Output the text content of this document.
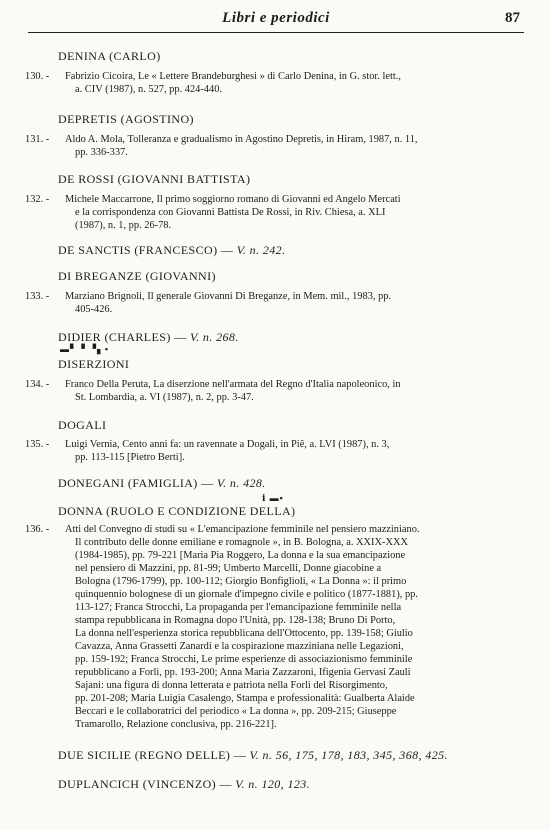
Libri e periodici	87
DENINA (CARLO)
130. - Fabrizio Cicoira, Le « Lettere Brandeburghesi » di Carlo Denina, in G. stor. lett.,
a. CIV (1987), n. 527, pp. 424-440.
DEPRETIS (AGOSTINO)
131. - Aldo A. Mola, Tolleranza e gradualismo in Agostino Depretis, in Hiram, 1987, n. 11,
pp. 336-337.
DE ROSSI (GIOVANNI BATTISTA)
132. - Michele Maccarrone, Il primo soggiorno romano di Giovanni ed Angelo Mercati
e la corrispondenza con Giovanni Battista De Rossi, in Riv. Chiesa, a. XLI
(1987), n. 1, pp. 26-78.
DE SANCTIS (FRANCESCO) — V. n. 242.
DI BREGANZE (GIOVANNI)
133. - Marziano Brignoli, Il generale Giovanni Di Breganze, in Mem. mil., 1983, pp.
405-426.
DIDIER (CHARLES) — V. n. 268.
▬▘▝ ▝▖▪
DISERZIONI
134. - Franco Della Peruta, La diserzione nell'armata del Regno d'Italia napoleonico, in
St. Lombardia, a. VI (1987), n. 2, pp. 3-47.
DOGALI
135. - Luigi Vernia, Cento anni fa: un ravennate a Dogali, in Piê, a. LVI (1987), n. 3,
pp. 113-115 [Pietro Berti].
DONEGANI (FAMIGLIA) — V. n. 428.
ⅰ ▬▪
DONNA (RUOLO E CONDIZIONE DELLA)
136. - Atti del Convegno di studi su « L'emancipazione femminile nel pensiero mazziniano.
Il contributo delle donne emiliane e romagnole », in B. Bologna, a. XXIX-XXX
(1984-1985), pp. 79-221 [Maria Pia Roggero, La donna e la sua emancipazione
nel pensiero di Mazzini, pp. 81-99; Umberto Marcelli, Donne giacobine a
Bologna (1796-1799), pp. 100-112; Giorgio Bonfiglioli, « La Donna »: il primo
quinquennio bolognese di un giornale d'impegno civile e politico (1877-1881), pp.
113-127; Franca Strocchi, La propaganda per l'emancipazione femminile nella
stampa repubblicana in Romagna dopo l'Unità, pp. 128-138; Bruno Di Porto,
La donna nell'esperienza storica repubblicana dell'Ottocento, pp. 139-158; Giulio
Cavazza, Anna Grassetti Zanardi e la cospirazione mazziniana nelle Legazioni,
pp. 159-192; Franca Strocchi, Le prime esperienze di associazionismo femminile
repubblicano a Forlì, pp. 193-200; Anna Maria Zazzaroni, Ifigenia Gervasi Zauli
Sajani: una figura di donna letterata e patriota nella Forlì del Risorgimento,
pp. 201-208; Maria Luigia Casalengo, Stampa e professionalità: Gualberta Alaide
Beccari e le collaboratrici del periodico « La donna », pp. 209-215; Giuseppe
Tramarollo, Relazione conclusiva, pp. 216-221].
DUE SICILIE (REGNO DELLE) — V. n. 56, 175, 178, 183, 345, 368, 425.
DUPLANCICH (VINCENZO) — V. n. 120, 123.
